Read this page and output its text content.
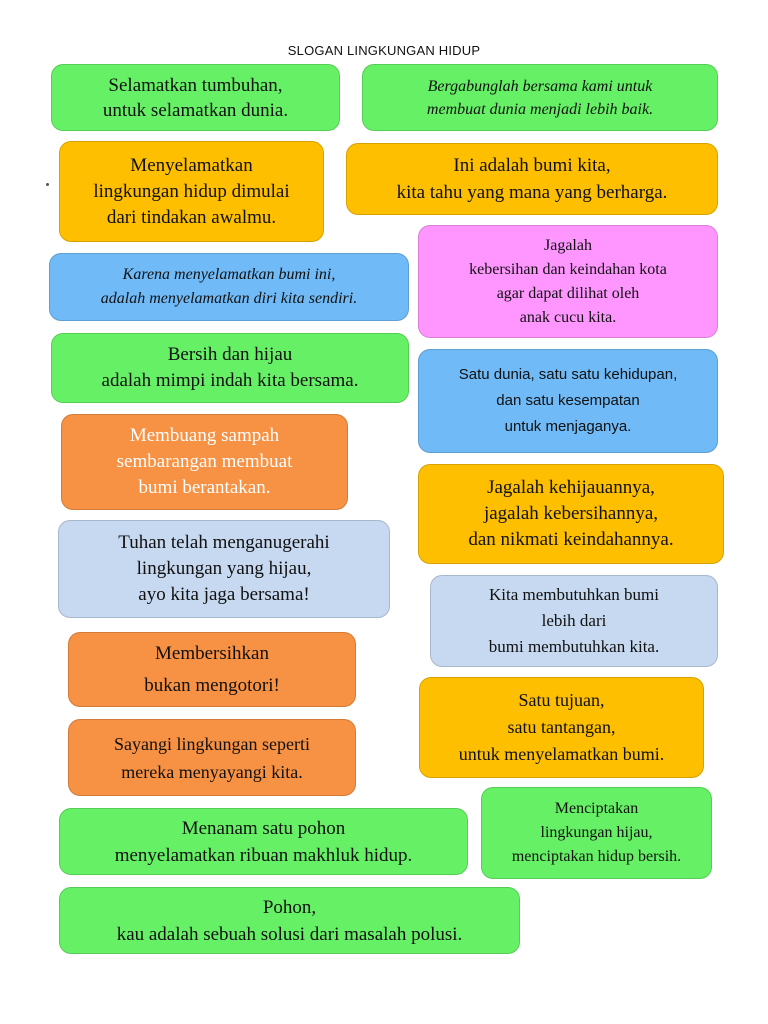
SLOGAN LINGKUNGAN HIDUP
Selamatkan tumbuhan,
untuk selamatkan dunia.
Bergabunglah bersama kami untuk
membuat dunia menjadi lebih baik.
Menyelamatkan
lingkungan hidup dimulai
dari tindakan awalmu.
Ini adalah bumi kita,
kita tahu yang mana yang berharga.
Karena menyelamatkan bumi ini,
adalah menyelamatkan diri kita sendiri.
Jagalah
kebersihan dan keindahan kota
agar dapat dilihat oleh
anak cucu kita.
Bersih dan hijau
adalah mimpi indah kita bersama.	Satu dunia, satu satu kehidupan,
dan satu kesempatan
untuk menjaganya.
Membuang sampah
sembarangan membuat
bumi berantakan.	Jagalah kehijauannya,
jagalah kebersihannya,
dan nikmati keindahannya.
Tuhan telah menganugerahi
lingkungan yang hijau,
ayo kita jaga bersama!	Kita membutuhkan bumi
lebih dari
bumi membutuhkan kita.
Membersihkan
bukan mengotori!
Satu tujuan,
satu tantangan,
untuk menyelamatkan bumi.
Sayangi lingkungan seperti
mereka menyayangi kita.
Menciptakan
lingkungan hijau,
menciptakan hidup bersih.
Menanam satu pohon
menyelamatkan ribuan makhluk hidup.
Pohon,
kau adalah sebuah solusi dari masalah polusi.
